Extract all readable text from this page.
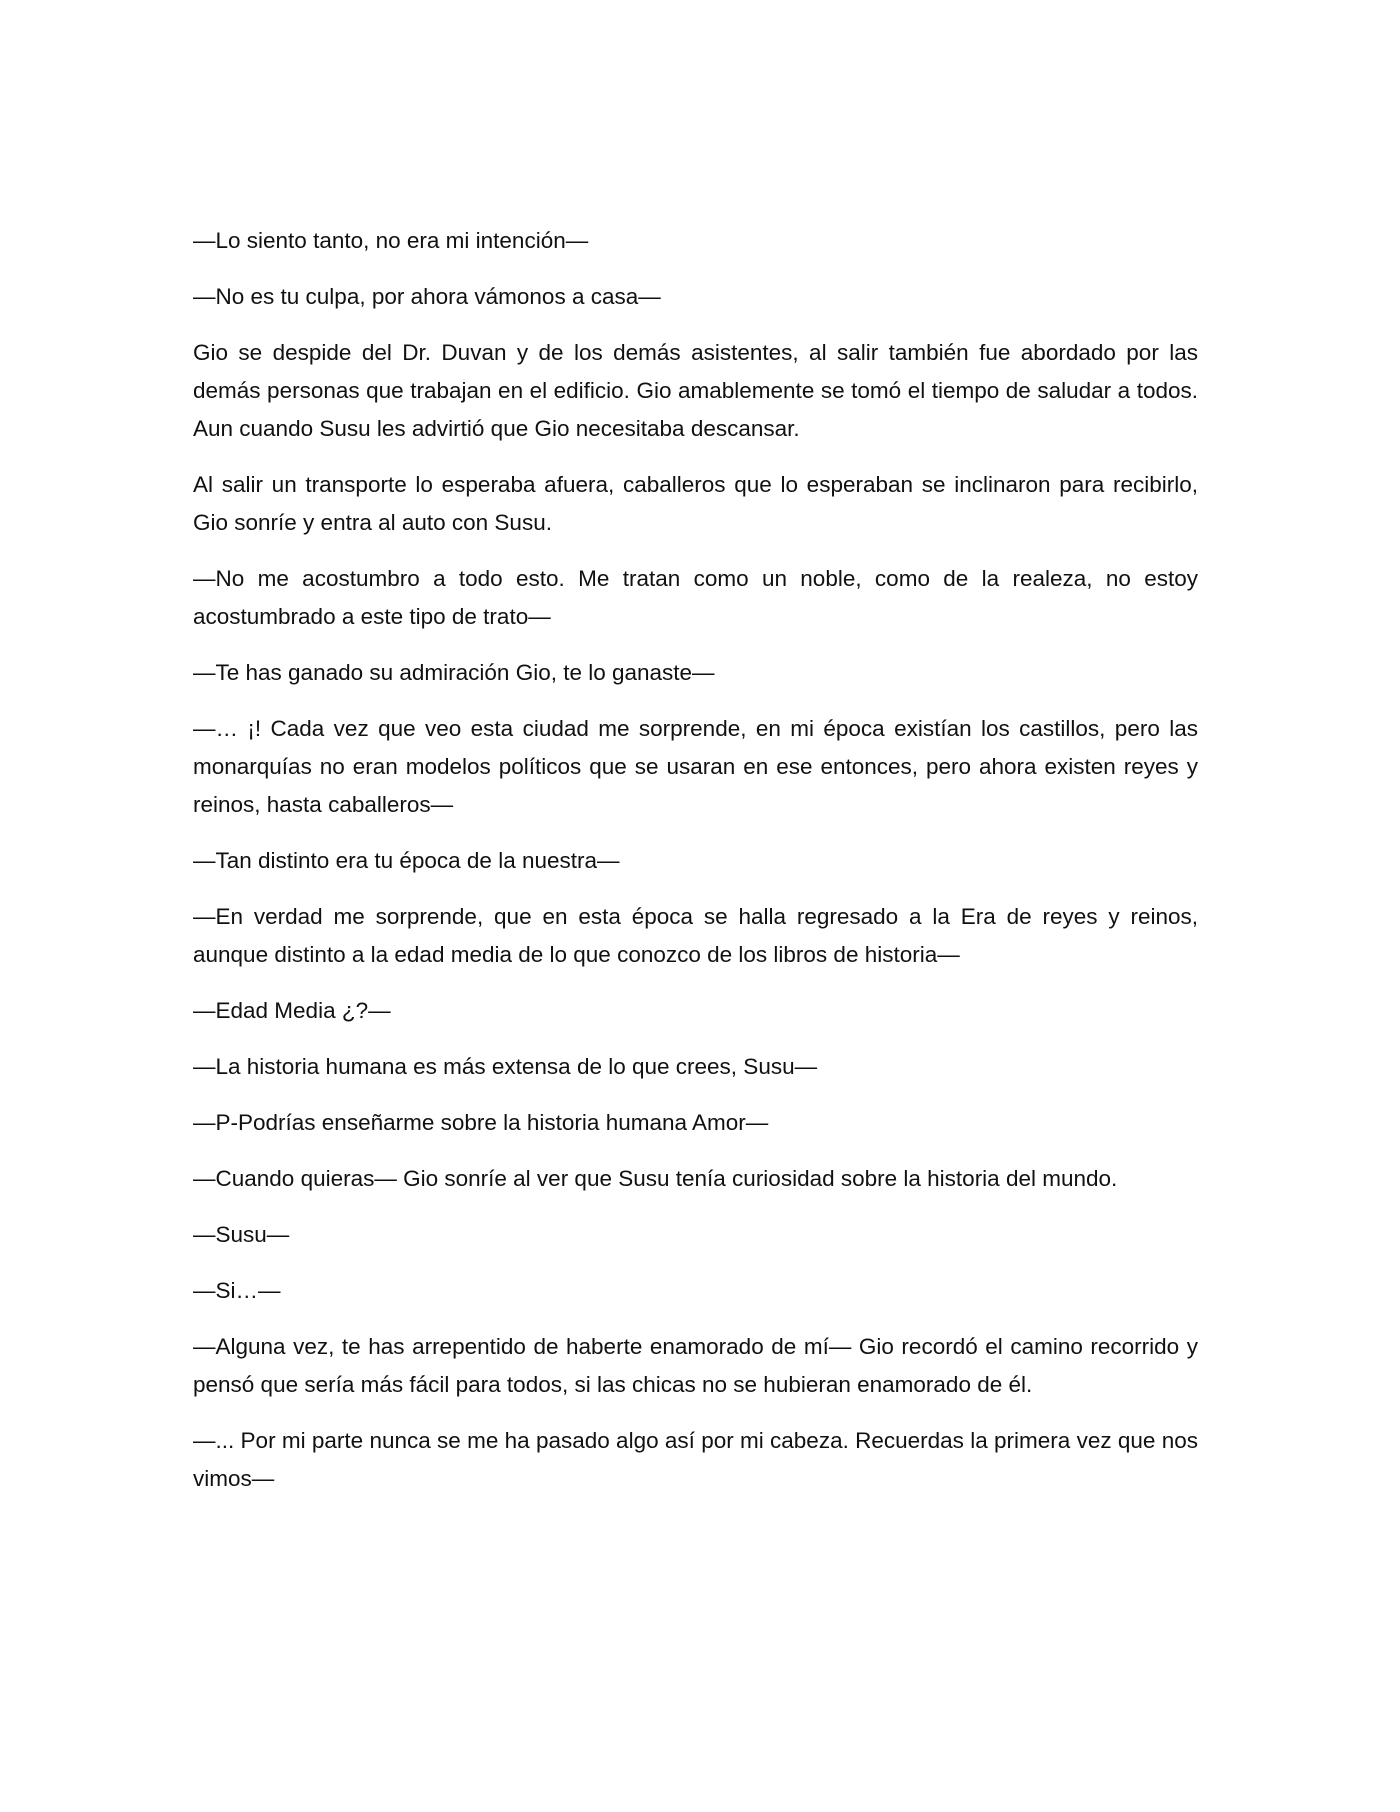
—Lo siento tanto, no era mi intención—

—No es tu culpa, por ahora vámonos a casa—

Gio se despide del Dr. Duvan y de los demás asistentes, al salir también fue abordado por las demás personas que trabajan en el edificio. Gio amablemente se tomó el tiempo de saludar a todos. Aun cuando Susu les advirtió que Gio necesitaba descansar.

Al salir un transporte lo esperaba afuera, caballeros que lo esperaban se inclinaron para recibirlo, Gio sonríe y entra al auto con Susu.

—No me acostumbro a todo esto. Me tratan como un noble, como de la realeza, no estoy acostumbrado a este tipo de trato—

—Te has ganado su admiración Gio, te lo ganaste—

—… ¡! Cada vez que veo esta ciudad me sorprende, en mi época existían los castillos, pero las monarquías no eran modelos políticos que se usaran en ese entonces, pero ahora existen reyes y reinos, hasta caballeros—

—Tan distinto era tu época de la nuestra—

—En verdad me sorprende, que en esta época se halla regresado a la Era de reyes y reinos, aunque distinto a la edad media de lo que conozco de los libros de historia—

—Edad Media ¿?—

—La historia humana es más extensa de lo que crees, Susu—

—P-Podrías enseñarme sobre la historia humana Amor—

—Cuando quieras— Gio sonríe al ver que Susu tenía curiosidad sobre la historia del mundo.

—Susu—

—Si…—

—Alguna vez, te has arrepentido de haberte enamorado de mí— Gio recordó el camino recorrido y pensó que sería más fácil para todos, si las chicas no se hubieran enamorado de él.

—... Por mi parte nunca se me ha pasado algo así por mi cabeza. Recuerdas la primera vez que nos vimos—
